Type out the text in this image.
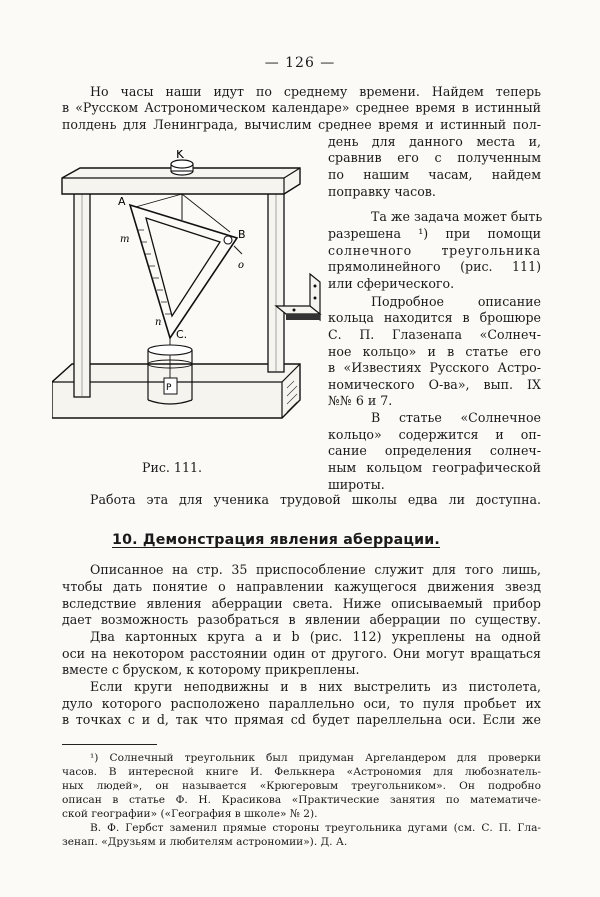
— 126 —
Но часы наши идут по среднему времени. Найдем теперь
в «Русском Астрономическом календаре» среднее время в истинный
полдень для Ленинграда, вычислим среднее время и истинный пол-
день для данного места и,
сравнив его с полученным
по нашим часам, найдем
поправку часов.
Та же задача может быть
разрешена ¹) при помощи
солнечного треугольника
прямолинейного (рис. 111)
или сферического.
Подробное описание
кольца находится в брошюре
С. П. Глазенапа «Солнеч-
ное кольцо» и в статье его
в «Известиях Русского Астро-
номического О-ва», вып. IX
№№ 6 и 7.
В статье «Солнечное
кольцо» содержится и оп-
сание определения солнеч-
ным кольцом географической
широты.
Рис. 111.
Работа эта для ученика трудовой школы едва ли доступна.
10. Демонстрация явления аберрации.
Описанное на стр. 35 приспособление служит для того лишь,
чтобы дать понятие о направлении кажущегося движения звезд
вследствие явления аберрации света. Ниже описываемый прибор
дает возможность разобраться в явлении аберрации по существу.
Два картонных круга a и b (рис. 112) укреплены на одной
оси на некотором расстоянии один от другого. Они могут вращаться
вместе с бруском, к которому прикреплены.
Если круги неподвижны и в них выстрелить из пистолета,
дуло которого расположено параллельно оси, то пуля пробьет их
в точках c и d, так что прямая cd будет пареллельна оси. Если же
¹) Солнечный треугольник был придуман Аргеландером для проверки
часов. В интересной книге И. Фелькнера «Астрономия для любознатель-
ных людей», он называется «Крюгеровым треугольником». Он подробно
описан в статье Ф. Н. Красикова «Практические занятия по математиче-
ской географии» («География в школе» № 2).
В. Ф. Гербст заменил прямые стороны треугольника дугами (см. С. П. Гла-
зенап. «Друзьям и любителям астрономии»). Д. А.
K
A
B
m
n
o
C.
P
